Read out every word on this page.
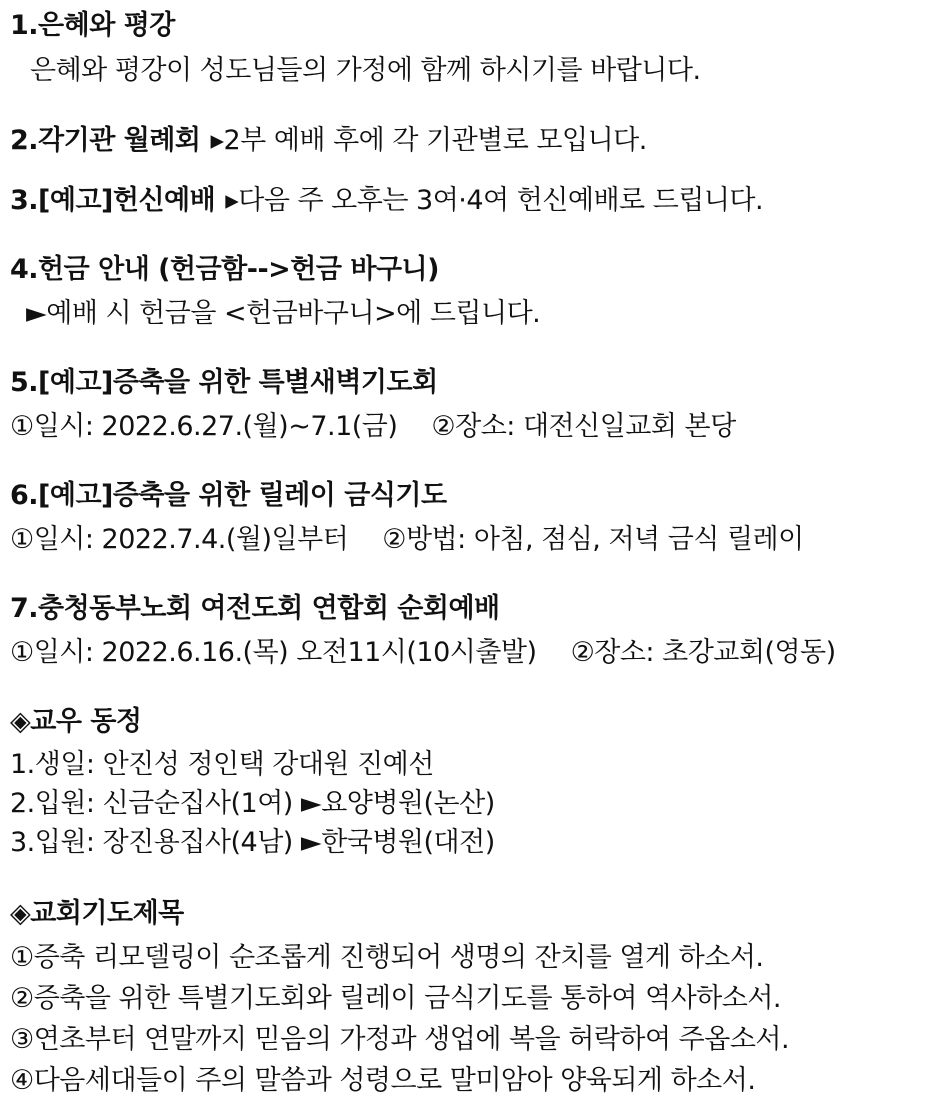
1.은혜와 평강
은혜와 평강이 성도님들의 가정에 함께 하시기를 바랍니다.
2.각기관 월례회 ▸2부 예배 후에 각 기관별로 모입니다.
3.[예고]헌신예배 ▸다음 주 오후는 3여·4여 헌신예배로 드립니다.
4.헌금 안내 (헌금함-->헌금 바구니)
►예배 시 헌금을 <헌금바구니>에 드립니다.
5.[예고]증축을 위한 특별새벽기도회
①일시: 2022.6.27.(월)~7.1(금) ②장소: 대전신일교회 본당
6.[예고]증축을 위한 릴레이 금식기도
①일시: 2022.7.4.(월)일부터 ②방법: 아침, 점심, 저녁 금식 릴레이
7.충청동부노회 여전도회 연합회 순회예배
①일시: 2022.6.16.(목) 오전11시(10시출발) ②장소: 초강교회(영동)
◈교우 동정
1.생일: 안진성 정인택 강대원 진예선
2.입원: 신금순집사(1여) ►요양병원(논산)
3.입원: 장진용집사(4남) ►한국병원(대전)
◈교회기도제목
①증축 리모델링이 순조롭게 진행되어 생명의 잔치를 열게 하소서.
②증축을 위한 특별기도회와 릴레이 금식기도를 통하여 역사하소서.
③연초부터 연말까지 믿음의 가정과 생업에 복을 허락하여 주옵소서.
④다음세대들이 주의 말씀과 성령으로 말미암아 양육되게 하소서.
